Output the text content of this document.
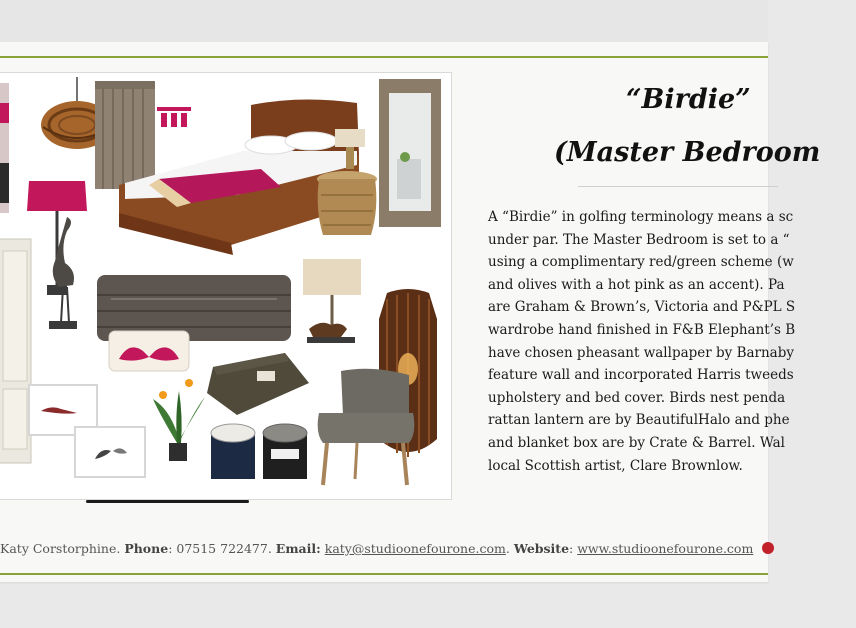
“Birdie”
(Master Bedroom
A “Birdie” in golfing terminology means a sc
under par. The Master Bedroom is set to a “
using a complimentary red/green scheme (w
and olives with a hot pink as an accent). Pa
are Graham & Brown’s, Victoria and P&PL S
wardrobe hand finished in F&B Elephant’s B
have chosen pheasant wallpaper by Barnaby
feature wall and incorporated Harris tweeds
upholstery and bed cover. Birds nest penda
rattan lantern are by BeautifulHalo and phe
and blanket box are by Crate & Barrel. Wal
local Scottish artist, Clare Brownlow.
Katy Corstorphine. Phone: 07515 722477. Email: katy@studioonefourone.com. Website: www.studioonefourone.com
